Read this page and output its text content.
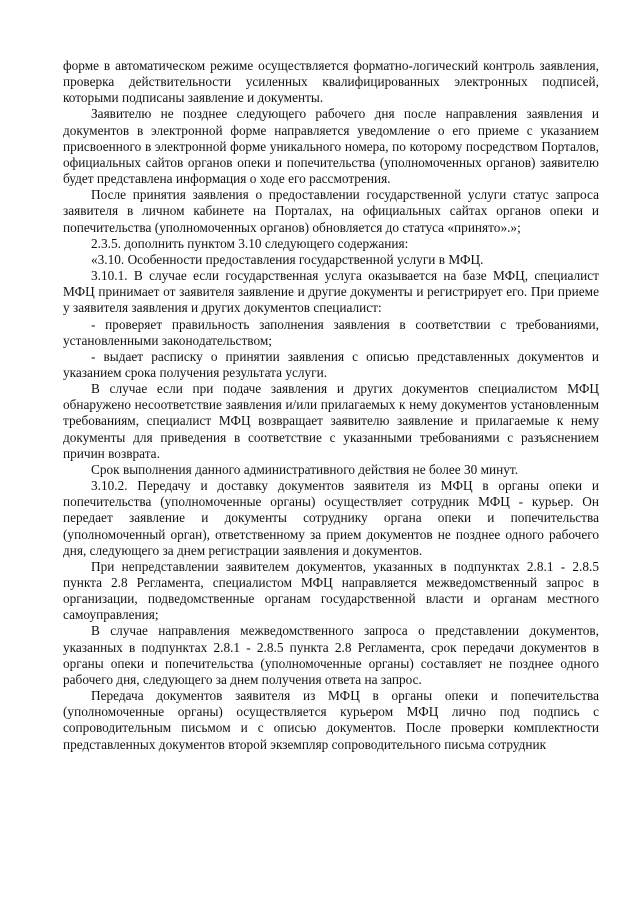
форме в автоматическом режиме осуществляется форматно-логический контроль заявления, проверка действительности усиленных квалифицированных электронных подписей, которыми подписаны заявление и документы.

Заявителю не позднее следующего рабочего дня после направления заявления и документов в электронной форме направляется уведомление о его приеме с указанием присвоенного в электронной форме уникального номера, по которому посредством Порталов, официальных сайтов органов опеки и попечительства (уполномоченных органов) заявителю будет представлена информация о ходе его рассмотрения.

После принятия заявления о предоставлении государственной услуги статус запроса заявителя в личном кабинете на Порталах, на официальных сайтах органов опеки и попечительства (уполномоченных органов) обновляется до статуса «принято».»;

2.3.5. дополнить пунктом 3.10 следующего содержания:

«3.10. Особенности предоставления государственной услуги в МФЦ.

3.10.1. В случае если государственная услуга оказывается на базе МФЦ, специалист МФЦ принимает от заявителя заявление и другие документы и регистрирует его. При приеме у заявителя заявления и других документов специалист:

- проверяет правильность заполнения заявления в соответствии с требованиями, установленными законодательством;

- выдает расписку о принятии заявления с описью представленных документов и указанием срока получения результата услуги.

В случае если при подаче заявления и других документов специалистом МФЦ обнаружено несоответствие заявления и/или прилагаемых к нему документов установленным требованиям, специалист МФЦ возвращает заявителю заявление и прилагаемые к нему документы для приведения в соответствие с указанными требованиями с разъяснением причин возврата.

Срок выполнения данного административного действия не более 30 минут.

3.10.2. Передачу и доставку документов заявителя из МФЦ в органы опеки и попечительства (уполномоченные органы) осуществляет сотрудник МФЦ - курьер. Он передает заявление и документы сотруднику органа опеки и попечительства (уполномоченный орган), ответственному за прием документов не позднее одного рабочего дня, следующего за днем регистрации заявления и документов.

При непредставлении заявителем документов, указанных в подпунктах 2.8.1 - 2.8.5 пункта 2.8 Регламента, специалистом МФЦ направляется межведомственный запрос в организации, подведомственные органам государственной власти и органам местного самоуправления;

В случае направления межведомственного запроса о представлении документов, указанных в подпунктах 2.8.1 - 2.8.5 пункта 2.8 Регламента, срок передачи документов в органы опеки и попечительства (уполномоченные органы) составляет не позднее одного рабочего дня, следующего за днем получения ответа на запрос.

Передача документов заявителя из МФЦ в органы опеки и попечительства (уполномоченные органы) осуществляется курьером МФЦ лично под подпись с сопроводительным письмом и с описью документов. После проверки комплектности представленных документов второй экземпляр сопроводительного письма сотрудник
